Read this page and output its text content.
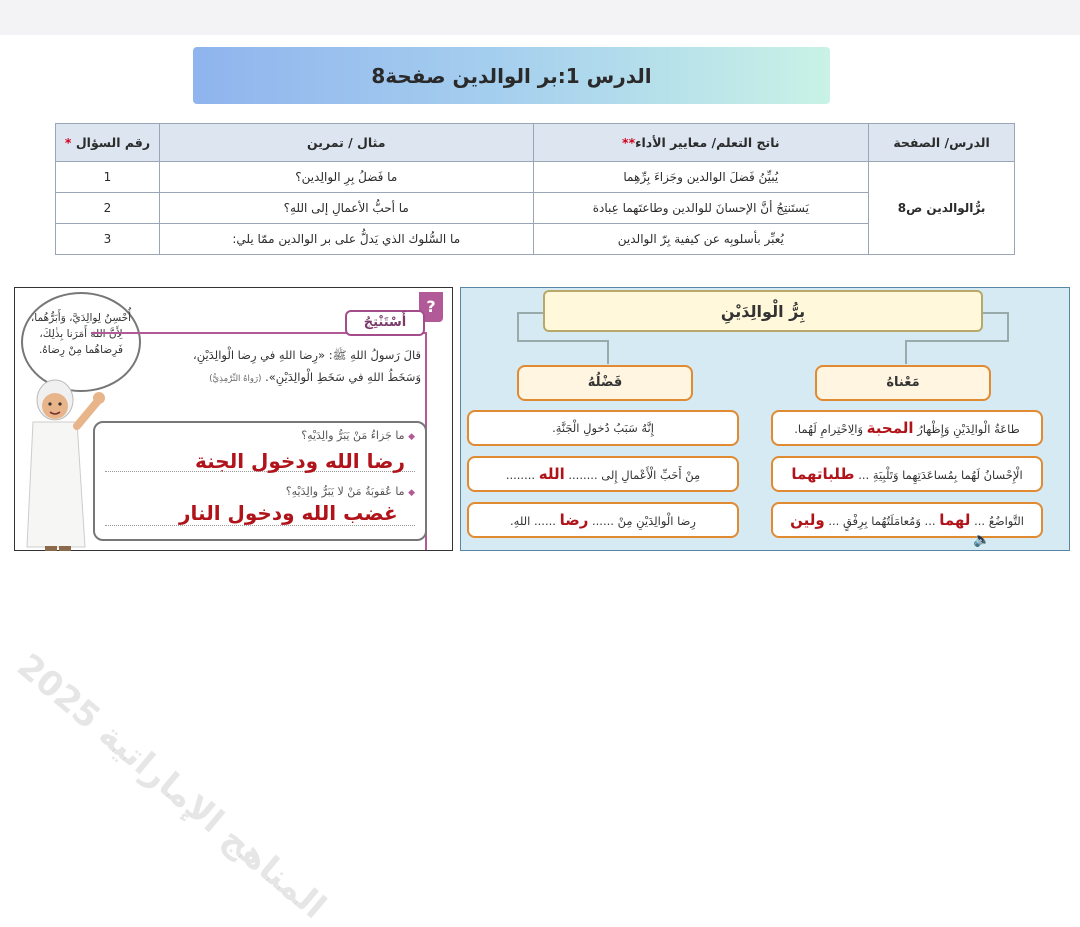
الدرس 1:بر الوالدين صفحة8
الدرس/ الصفحة	ناتج التعلم/ معايير الأداء**	مثال / تمرين	رقم السؤال *
برُّالوالدين ص8	يُبيِّنُ فَضلَ الوالدين وجَزاءَ بِرِّهِما	ما فَضلُ بِرِ الوالِدين؟	1
	يَستَنتِجُ أنَّ الإحسانَ للوالدين وطاعتَهما عِبادة	ما أحبُّ الأعمالِ إلى اللهِ؟	2
	يُعبِّر بأسلوبِه عن كيفية بِرّ الوالدين	ما السُّلوك الذي يَدلُّ على بر الوالدين ممّا يلي:	3
المناهج الإماراتية 2025
أُحْسِنُ لِوالِدَيَّ، وَأَبَرُّهُما،
لِأَنَّ اللهَ أَمَرَنا بِذٰلِكَ،
فَرِضاهُما مِنْ رِضاهُ.
?
أَسْتَنْتِجُ
قالَ رَسولُ اللهِ ﷺ: «رِضا اللهِ في رِضا الْوالِدَيْنِ،
وَسَخَطُ اللهِ في سَخَطِ الْوالِدَيْنِ». (رَواهُ التِّرْمِذِيُّ)
◆ ما جَزاءُ مَنْ يَبَرُّ والِدَيْهِ؟
رضا الله ودخول الجنة
◆ ما عُقوبَةُ مَنْ لا يَبَرُّ والِدَيْهِ؟
غضب الله ودخول النار
بِرُّ الْوالِدَيْنِ
فَضْلُهُ	مَعْناهُ
إِنَّهُ سَبَبُ دُخولِ الْجَنَّةِ.
مِنْ أَحَبِّ الْأَعْمالِ إِلى ........ الله ........
رِضا الْوالِدَيْنِ مِنْ ...... رضا ...... اللهِ.
طاعَةُ الْوالِدَيْنِ وَإِظْهارُ المحبة وَالِاحْتِرامِ لَهُما.
الْإِحْسانُ لَهُما بِمُساعَدَتِهِما وَتَلْبِيَةِ ... طلباتهما
التَّواضُعُ ... لهما ... وَمُعامَلَتُهُما بِرِفْقٍ ... ولين
🔈
